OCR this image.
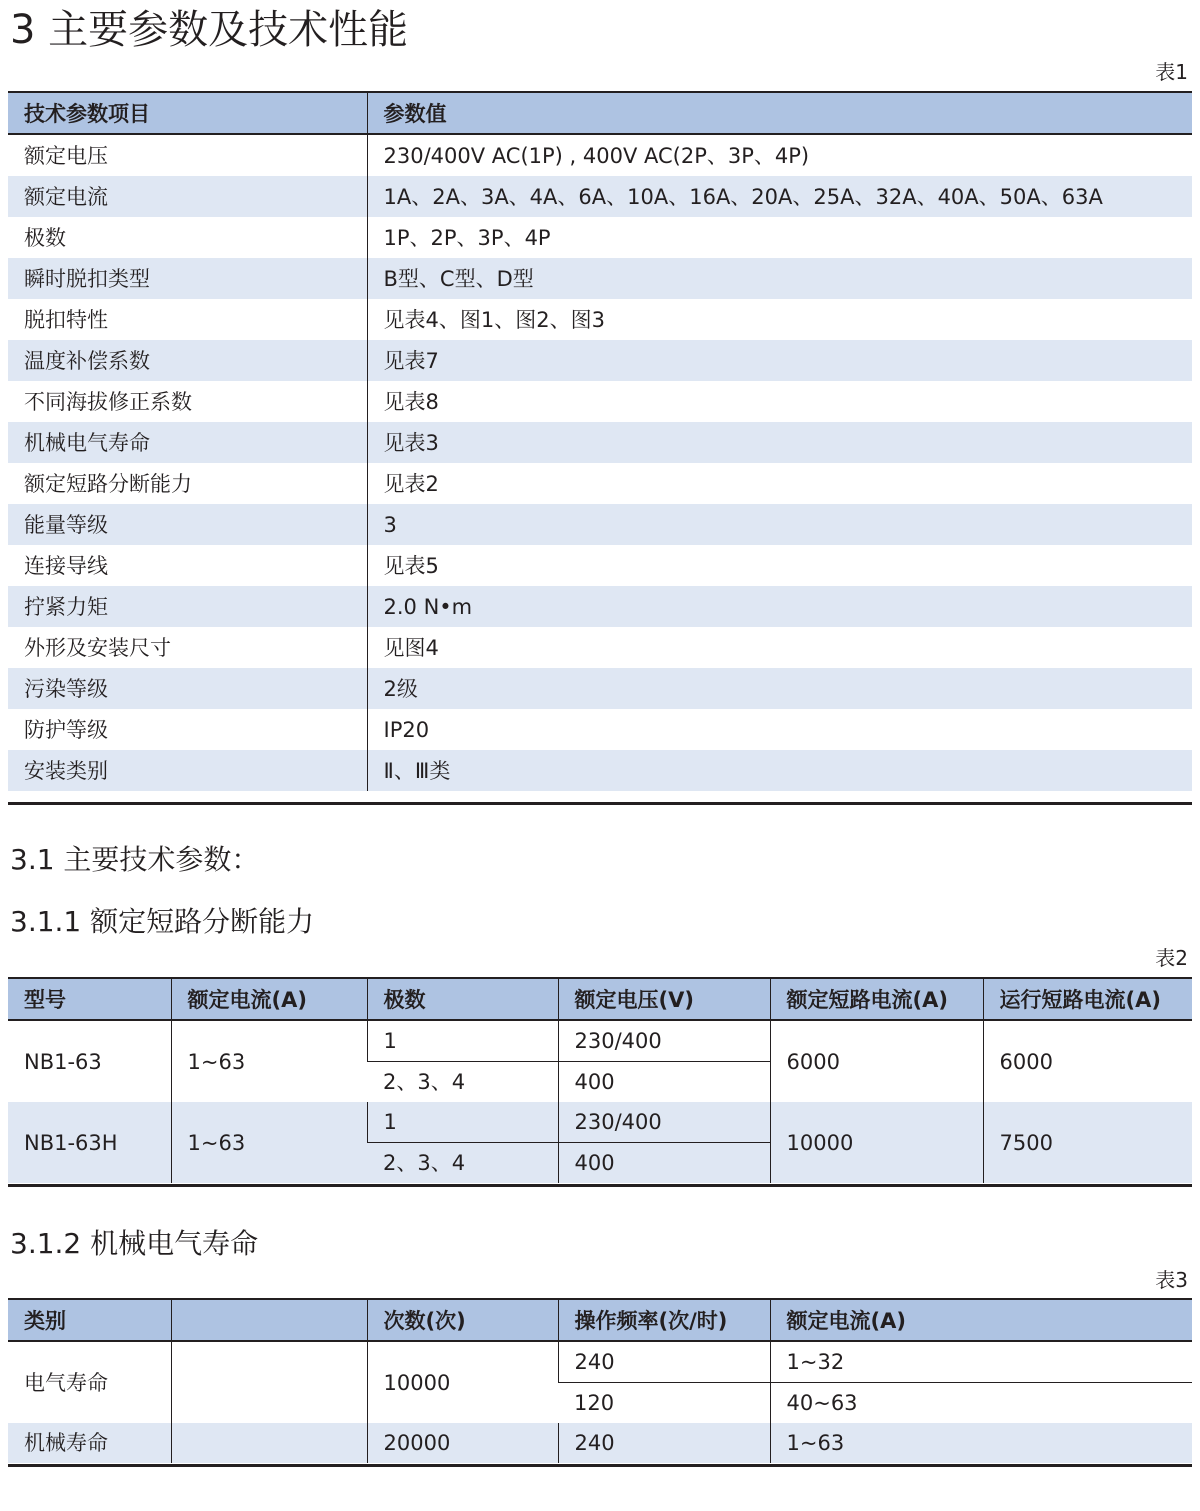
3 主要参数及技术性能
表1
技术参数项目	参数值
额定电压	230/400V AC(1P) , 400V AC(2P、3P、4P)
额定电流	1A、2A、3A、4A、6A、10A、16A、20A、25A、32A、40A、50A、63A
极数	1P、2P、3P、4P
瞬时脱扣类型	B型、C型、D型
脱扣特性	见表4、图1、图2、图3
温度补偿系数	见表7
不同海拔修正系数	见表8
机械电气寿命	见表3
额定短路分断能力	见表2
能量等级	3
连接导线	见表5
拧紧力矩	2.0 N•m
外形及安装尺寸	见图4
污染等级	2级
防护等级	IP20
安装类别	Ⅱ、Ⅲ类
3.1 主要技术参数：
3.1.1 额定短路分断能力
表2
型号	额定电流(A)	极数	额定电压(V)	额定短路电流(A)	运行短路电流(A)
NB1-63	1~63	1	230/400	6000	6000
		2、3、4	400		
NB1-63H	1~63	1	230/400	10000	7500
		2、3、4	400		
3.1.2 机械电气寿命
表3
类别		次数(次)	操作频率(次/时)	额定电流(A)
电气寿命		10000	240	1~32
			120	40~63
机械寿命		20000	240	1~63
